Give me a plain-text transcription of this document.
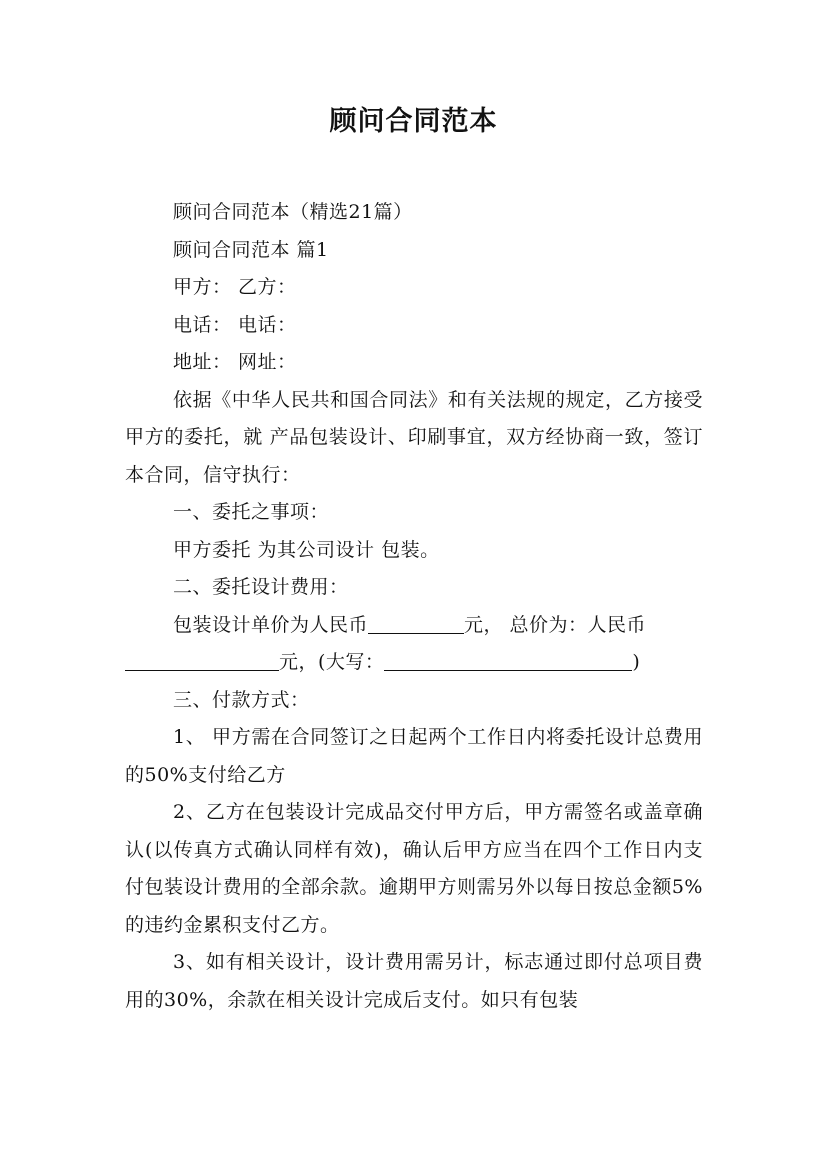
顾问合同范本

顾问合同范本（精选21篇）

顾问合同范本 篇1

甲方： 乙方：

电话： 电话：

地址： 网址：

依据《中华人民共和国合同法》和有关法规的规定，乙方接受甲方的委托，就 产品包装设计、印刷事宜，双方经协商一致，签订本合同，信守执行：

一、委托之事项：

甲方委托 为其公司设计 包装。

二、委托设计费用：

包装设计单价为人民币	元， 总价为：人民币
元，(大写：	)

三、付款方式：

1、 甲方需在合同签订之日起两个工作日内将委托设计总费用的50%支付给乙方

2、乙方在包装设计完成品交付甲方后，甲方需签名或盖章确认(以传真方式确认同样有效)，确认后甲方应当在四个工作日内支付包装设计费用的全部余款。逾期甲方则需另外以每日按总金额5%的违约金累积支付乙方。

3、如有相关设计，设计费用需另计，标志通过即付总项目费用的30%，余款在相关设计完成后支付。如只有包装
